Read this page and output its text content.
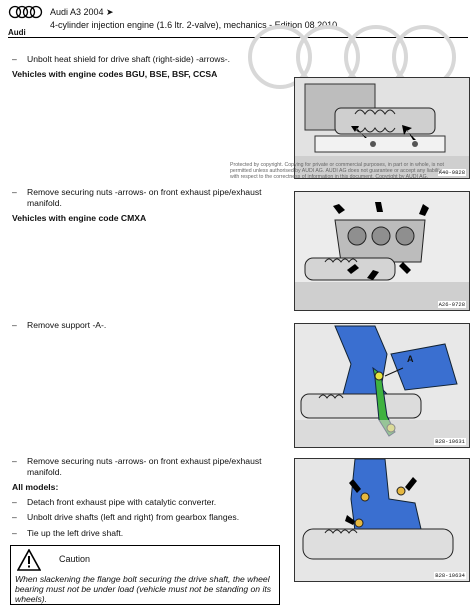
Audi
Audi A3 2004 ➤
4-cylinder injection engine (1.6 ltr. 2-valve), mechanics - Edition 08.2010
– Unbolt heat shield for drive shaft (right-side) -arrows-.
Vehicles with engine codes BGU, BSE, BSF, CCSA
A40-9828
Protected by copyright. Copying for private or commercial purposes, in part or in whole, is not
permitted unless authorised by AUDI AG. AUDI AG does not guarantee or accept any liability
with respect to the correctness of information in this document. Copyright by AUDI AG.
– Remove securing nuts -arrows- on front exhaust pipe/exhaust
manifold.
Vehicles with engine code CMXA
A26-0728
– Remove support -A-.
A
B28-10631
– Remove securing nuts -arrows- on front exhaust pipe/exhaust
manifold.
All models:
– Detach front exhaust pipe with catalytic converter.
– Unbolt drive shafts (left and right) from gearbox flanges.
– Tie up the left drive shaft.
B28-10634
Caution
When slackening the flange bolt securing the drive shaft, the wheel bearing must not be under load (vehicle must not be standing on its wheels).
